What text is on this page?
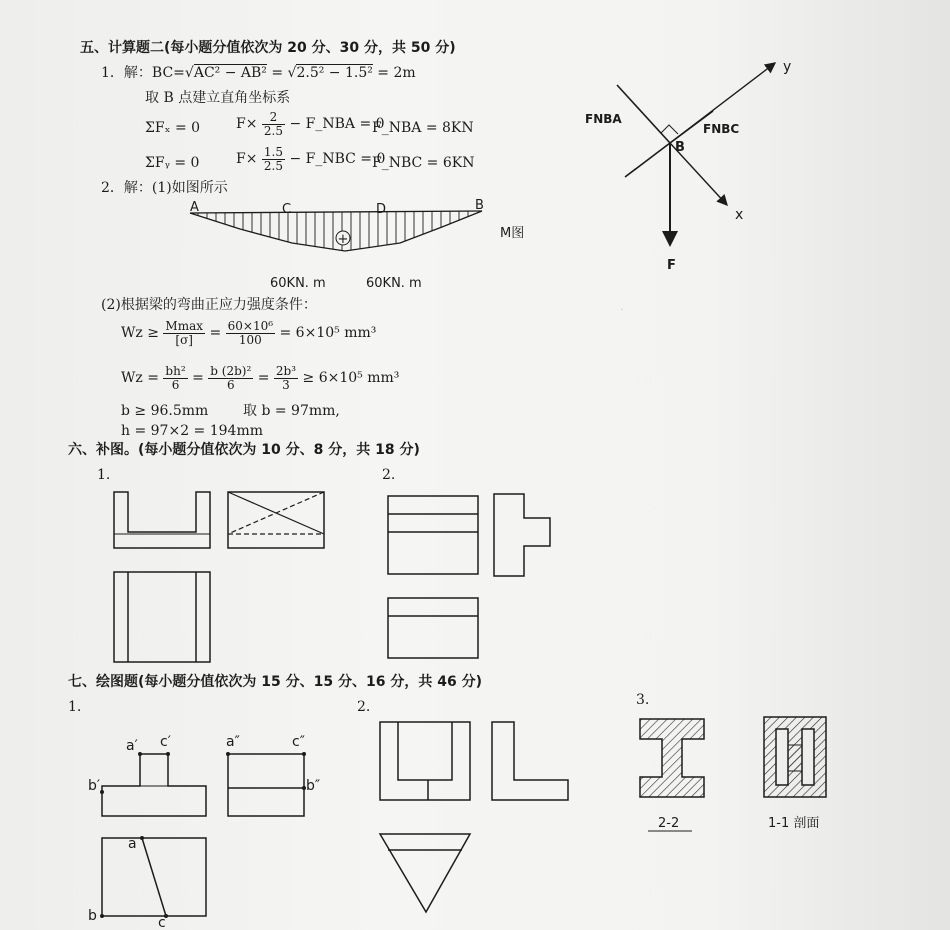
.
五、计算题二(每小题分值依次为 20 分、30 分，共 50 分)
1．解：BC=√AC² − AB² = √2.5² − 1.5² = 2m
取 B 点建立直角坐标系
ΣFₓ = 0	$F\times \frac{2}{2.5}$ − F_NBA = 0
F_NBA = 8KN
ΣFᵧ = 0	$F\times \frac{1.5}{2.5}$ − F_NBC = 0
F_NBC = 6KN
2．解：(1)如图所示
+
A	C	D	B
M图
60KN. m	60KN. m
(2)根据梁的弯曲正应力强度条件：
$Wz \ge \frac{Mmax}{[\sigma]} = \frac{\text{60×10⁶}}{100} = 6\times 10^5$ mm³
$Wz = \frac{\text{bh²}}{6} = \frac{\text{b (2b)²}}{6} = \frac{\text{2b³}}{3} \ge 6\times 10^5$ mm³
b ≥ 96.5mm 取 b = 97mm,
h = 97×2 = 194mm
y
x
FNBA
FNBC
B
F
六、补图。(每小题分值依次为 10 分、8 分，共 18 分)
1.	2.
七、绘图题(每小题分值依次为 15 分、15 分、16 分，共 46 分)
1.	2.	3.
a′ c′
b′
a″	c″
b″
a
b	c
2-2	1-1 剖面
